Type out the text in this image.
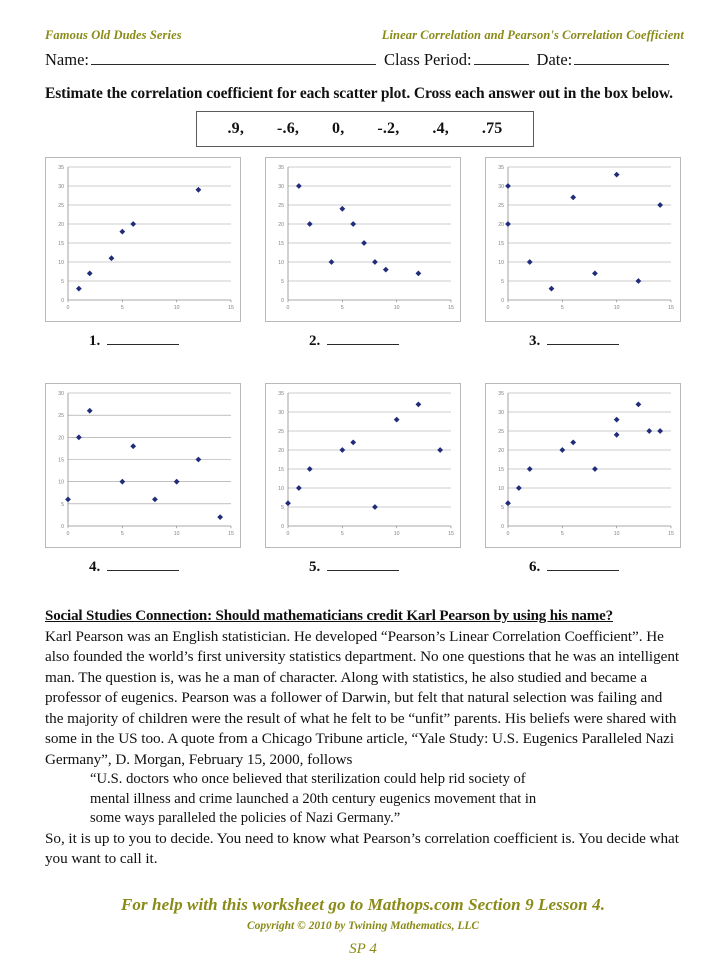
Famous Old Dudes Series	Linear Correlation and Pearson's Correlation Coefficient
Name:	Class Period:	Date:
Estimate the correlation coefficient for each scatter plot. Cross each answer out in the box below.
.9, -.6, 0, -.2, .4, .75
0
5
10
15
20
25
30
35
0	5	10	15
1.
0
5
10
15
20
25
30
35
0	5	10	15
2.
0
5
10
15
20
25
30
35
0	5	10	15
3.
0
5
10
15
20
25
30
0	5	10	15
4.
0
5
10
15
20
25
30
35
0	5	10	15
5.
0
5
10
15
20
25
30
35
0	5	10	15
6.
Social Studies Connection: Should mathematicians credit Karl Pearson by using his name?
Karl Pearson was an English statistician. He developed “Pearson’s Linear Correlation Coefficient”. He also founded the world’s first university statistics department. No one questions that he was an intelligent man. The question is, was he a man of character. Along with statistics, he also studied and became a professor of eugenics. Pearson was a follower of Darwin, but felt that natural selection was failing and the majority of children were the result of what he felt to be “unfit” parents. His beliefs were shared with some in the US too. A quote from a Chicago Tribune article, “Yale Study: U.S. Eugenics Paralleled Nazi Germany”, D. Morgan, February 15, 2000, follows
“U.S. doctors who once believed that sterilization could help rid society of mental illness and crime launched a 20th century eugenics movement that in some ways paralleled the policies of Nazi Germany.”
So, it is up to you to decide. You need to know what Pearson’s correlation coefficient is. You decide what you want to call it.
For help with this worksheet go to Mathops.com Section 9 Lesson 4.
Copyright © 2010 by Twining Mathematics, LLC
SP 4
